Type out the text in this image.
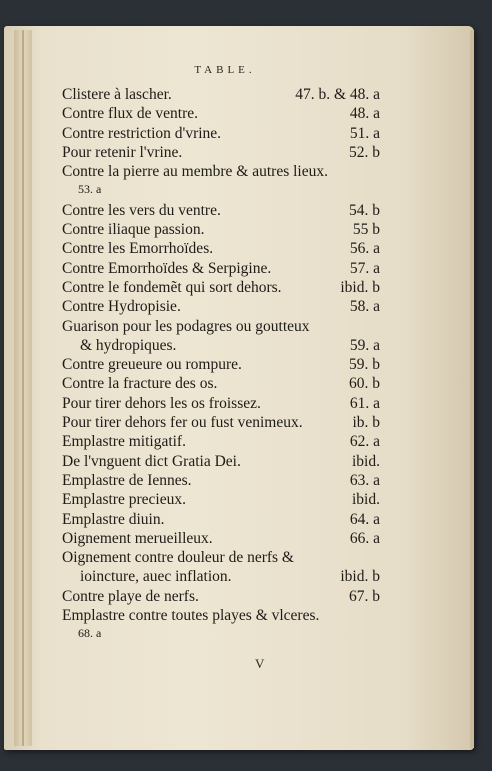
TABLE.
Clistere à lascher.	47. b. & 48. a
Contre flux de ventre.	48. a
Contre restriction d'vrine.	51. a
Pour retenir l'vrine.	52. b
Contre la pierre au membre & autres lieux.
53. a
Contre les vers du ventre.	54. b
Contre iliaque passion.	55 b
Contre les Emorrhoïdes.	56. a
Contre Emorrhoïdes & Serpigine.	57. a
Contre le fondemẽt qui sort dehors.	ibid. b
Contre Hydropisie.	58. a
Guarison pour les podagres ou goutteux
& hydropiques.	59. a
Contre greueure ou rompure.	59. b
Contre la fracture des os.	60. b
Pour tirer dehors les os froissez.	61. a
Pour tirer dehors fer ou fust venimeux.	ib. b
Emplastre mitigatif.	62. a
De l'vnguent dict Gratia Dei.	ibid.
Emplastre de Iennes.	63. a
Emplastre precieux.	ibid.
Emplastre diuin.	64. a
Oignement merueilleux.	66. a
Oignement contre douleur de nerfs &
ioincture, auec inflation.	ibid. b
Contre playe de nerfs.	67. b
Emplastre contre toutes playes & vlceres.
68. a
V
